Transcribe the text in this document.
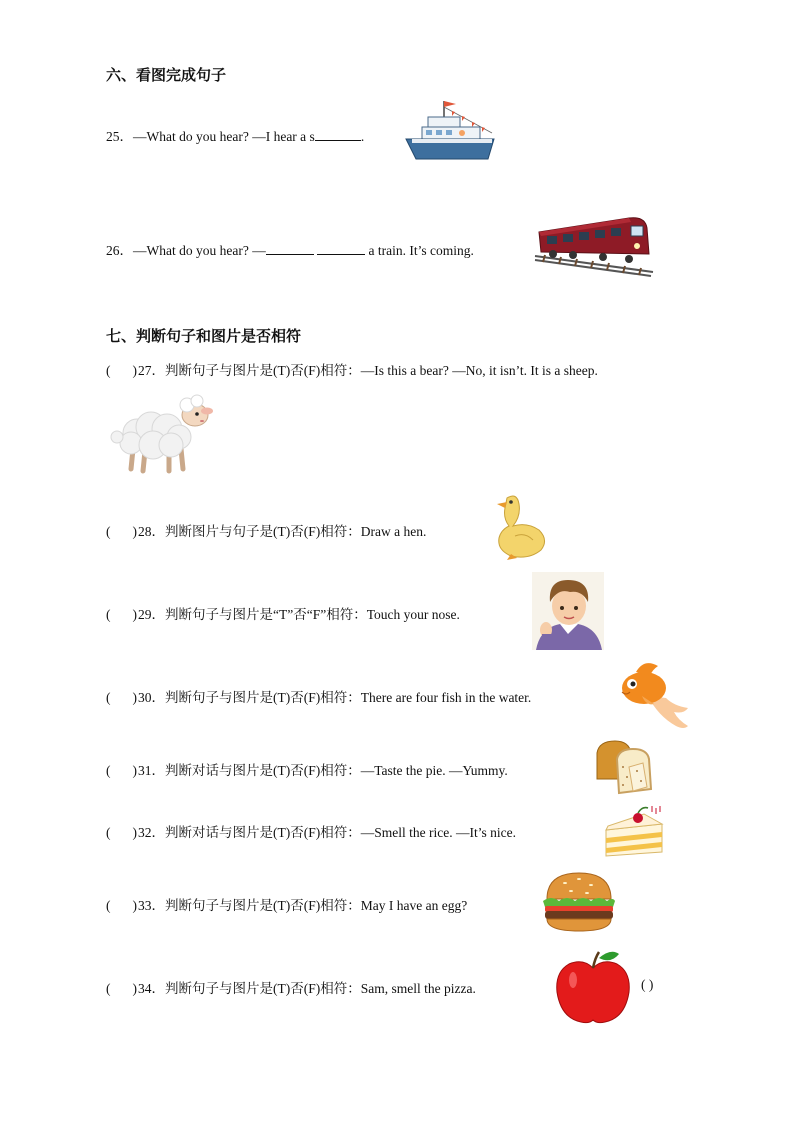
六、看图完成句子
25．—What do you hear? —I hear a s	.
26．—What do you hear? —	a train. It’s coming.
七、判断句子和图片是否相符
( )27．判断句子与图片是(T)否(F)相符：—Is this a bear? —No, it isn’t. It is a sheep.
( )28．判断图片与句子是(T)否(F)相符：Draw a hen.
( )29．判断句子与图片是“T”否“F”相符：Touch your nose.
( )30．判断句子与图片是(T)否(F)相符：There are four fish in the water.
( )31．判断对话与图片是(T)否(F)相符：—Taste the pie. —Yummy.
( )32．判断对话与图片是(T)否(F)相符：—Smell the rice. —It’s nice.
( )33．判断句子与图片是(T)否(F)相符：May I have an egg?
( )34．判断句子与图片是(T)否(F)相符：Sam, smell the pizza.	( )
